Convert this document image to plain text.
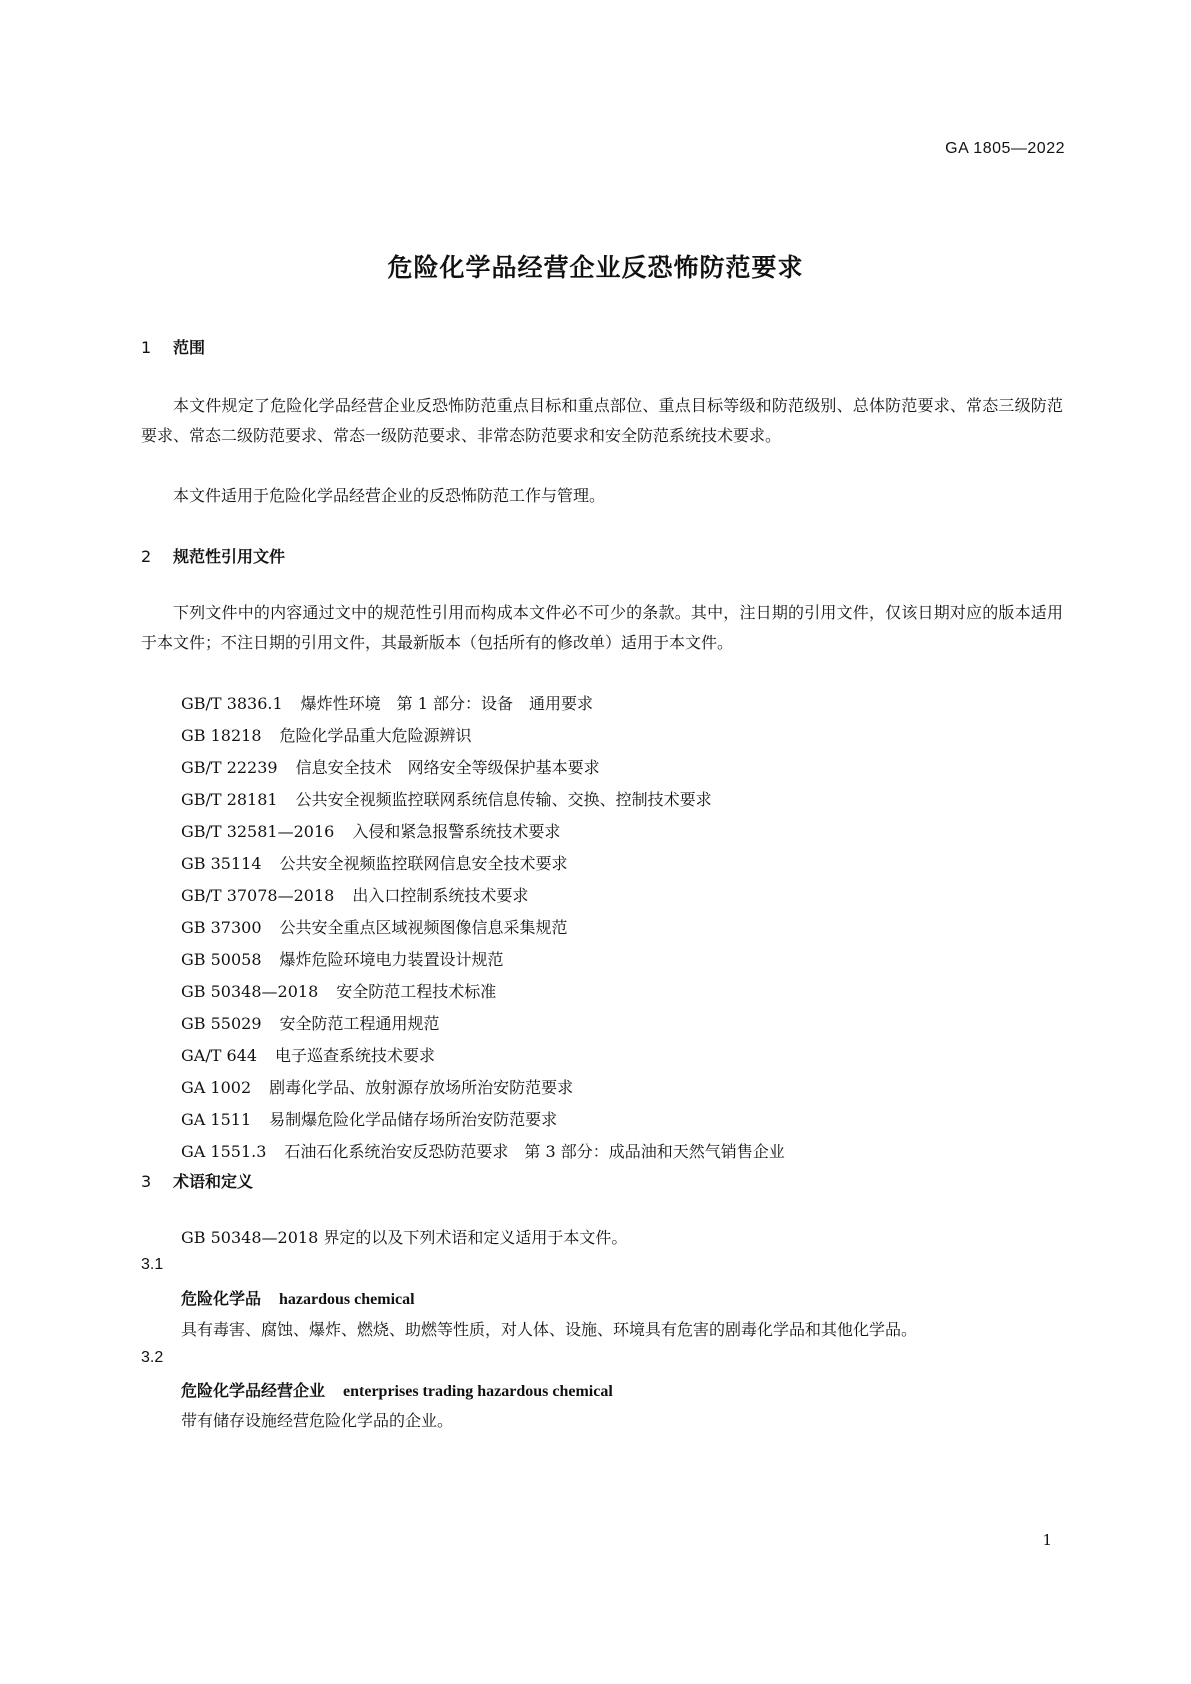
GA 1805—2022
危险化学品经营企业反恐怖防范要求
1 范围
本文件规定了危险化学品经营企业反恐怖防范重点目标和重点部位、重点目标等级和防范级别、总体防范要求、常态三级防范要求、常态二级防范要求、常态一级防范要求、非常态防范要求和安全防范系统技术要求。
本文件适用于危险化学品经营企业的反恐怖防范工作与管理。
2 规范性引用文件
下列文件中的内容通过文中的规范性引用而构成本文件必不可少的条款。其中，注日期的引用文件，仅该日期对应的版本适用于本文件；不注日期的引用文件，其最新版本（包括所有的修改单）适用于本文件。
GB/T 3836.1 爆炸性环境　第 1 部分：设备　通用要求
GB 18218 危险化学品重大危险源辨识
GB/T 22239 信息安全技术　网络安全等级保护基本要求
GB/T 28181 公共安全视频监控联网系统信息传输、交换、控制技术要求
GB/T 32581—2016 入侵和紧急报警系统技术要求
GB 35114 公共安全视频监控联网信息安全技术要求
GB/T 37078—2018 出入口控制系统技术要求
GB 37300 公共安全重点区域视频图像信息采集规范
GB 50058 爆炸危险环境电力装置设计规范
GB 50348—2018 安全防范工程技术标准
GB 55029 安全防范工程通用规范
GA/T 644 电子巡查系统技术要求
GA 1002 剧毒化学品、放射源存放场所治安防范要求
GA 1511 易制爆危险化学品储存场所治安防范要求
GA 1551.3 石油石化系统治安反恐防范要求　第 3 部分：成品油和天然气销售企业
3 术语和定义
GB 50348—2018 界定的以及下列术语和定义适用于本文件。
3.1
危险化学品 hazardous chemical
具有毒害、腐蚀、爆炸、燃烧、助燃等性质，对人体、设施、环境具有危害的剧毒化学品和其他化学品。
3.2
危险化学品经营企业 enterprises trading hazardous chemical
带有储存设施经营危险化学品的企业。
1
